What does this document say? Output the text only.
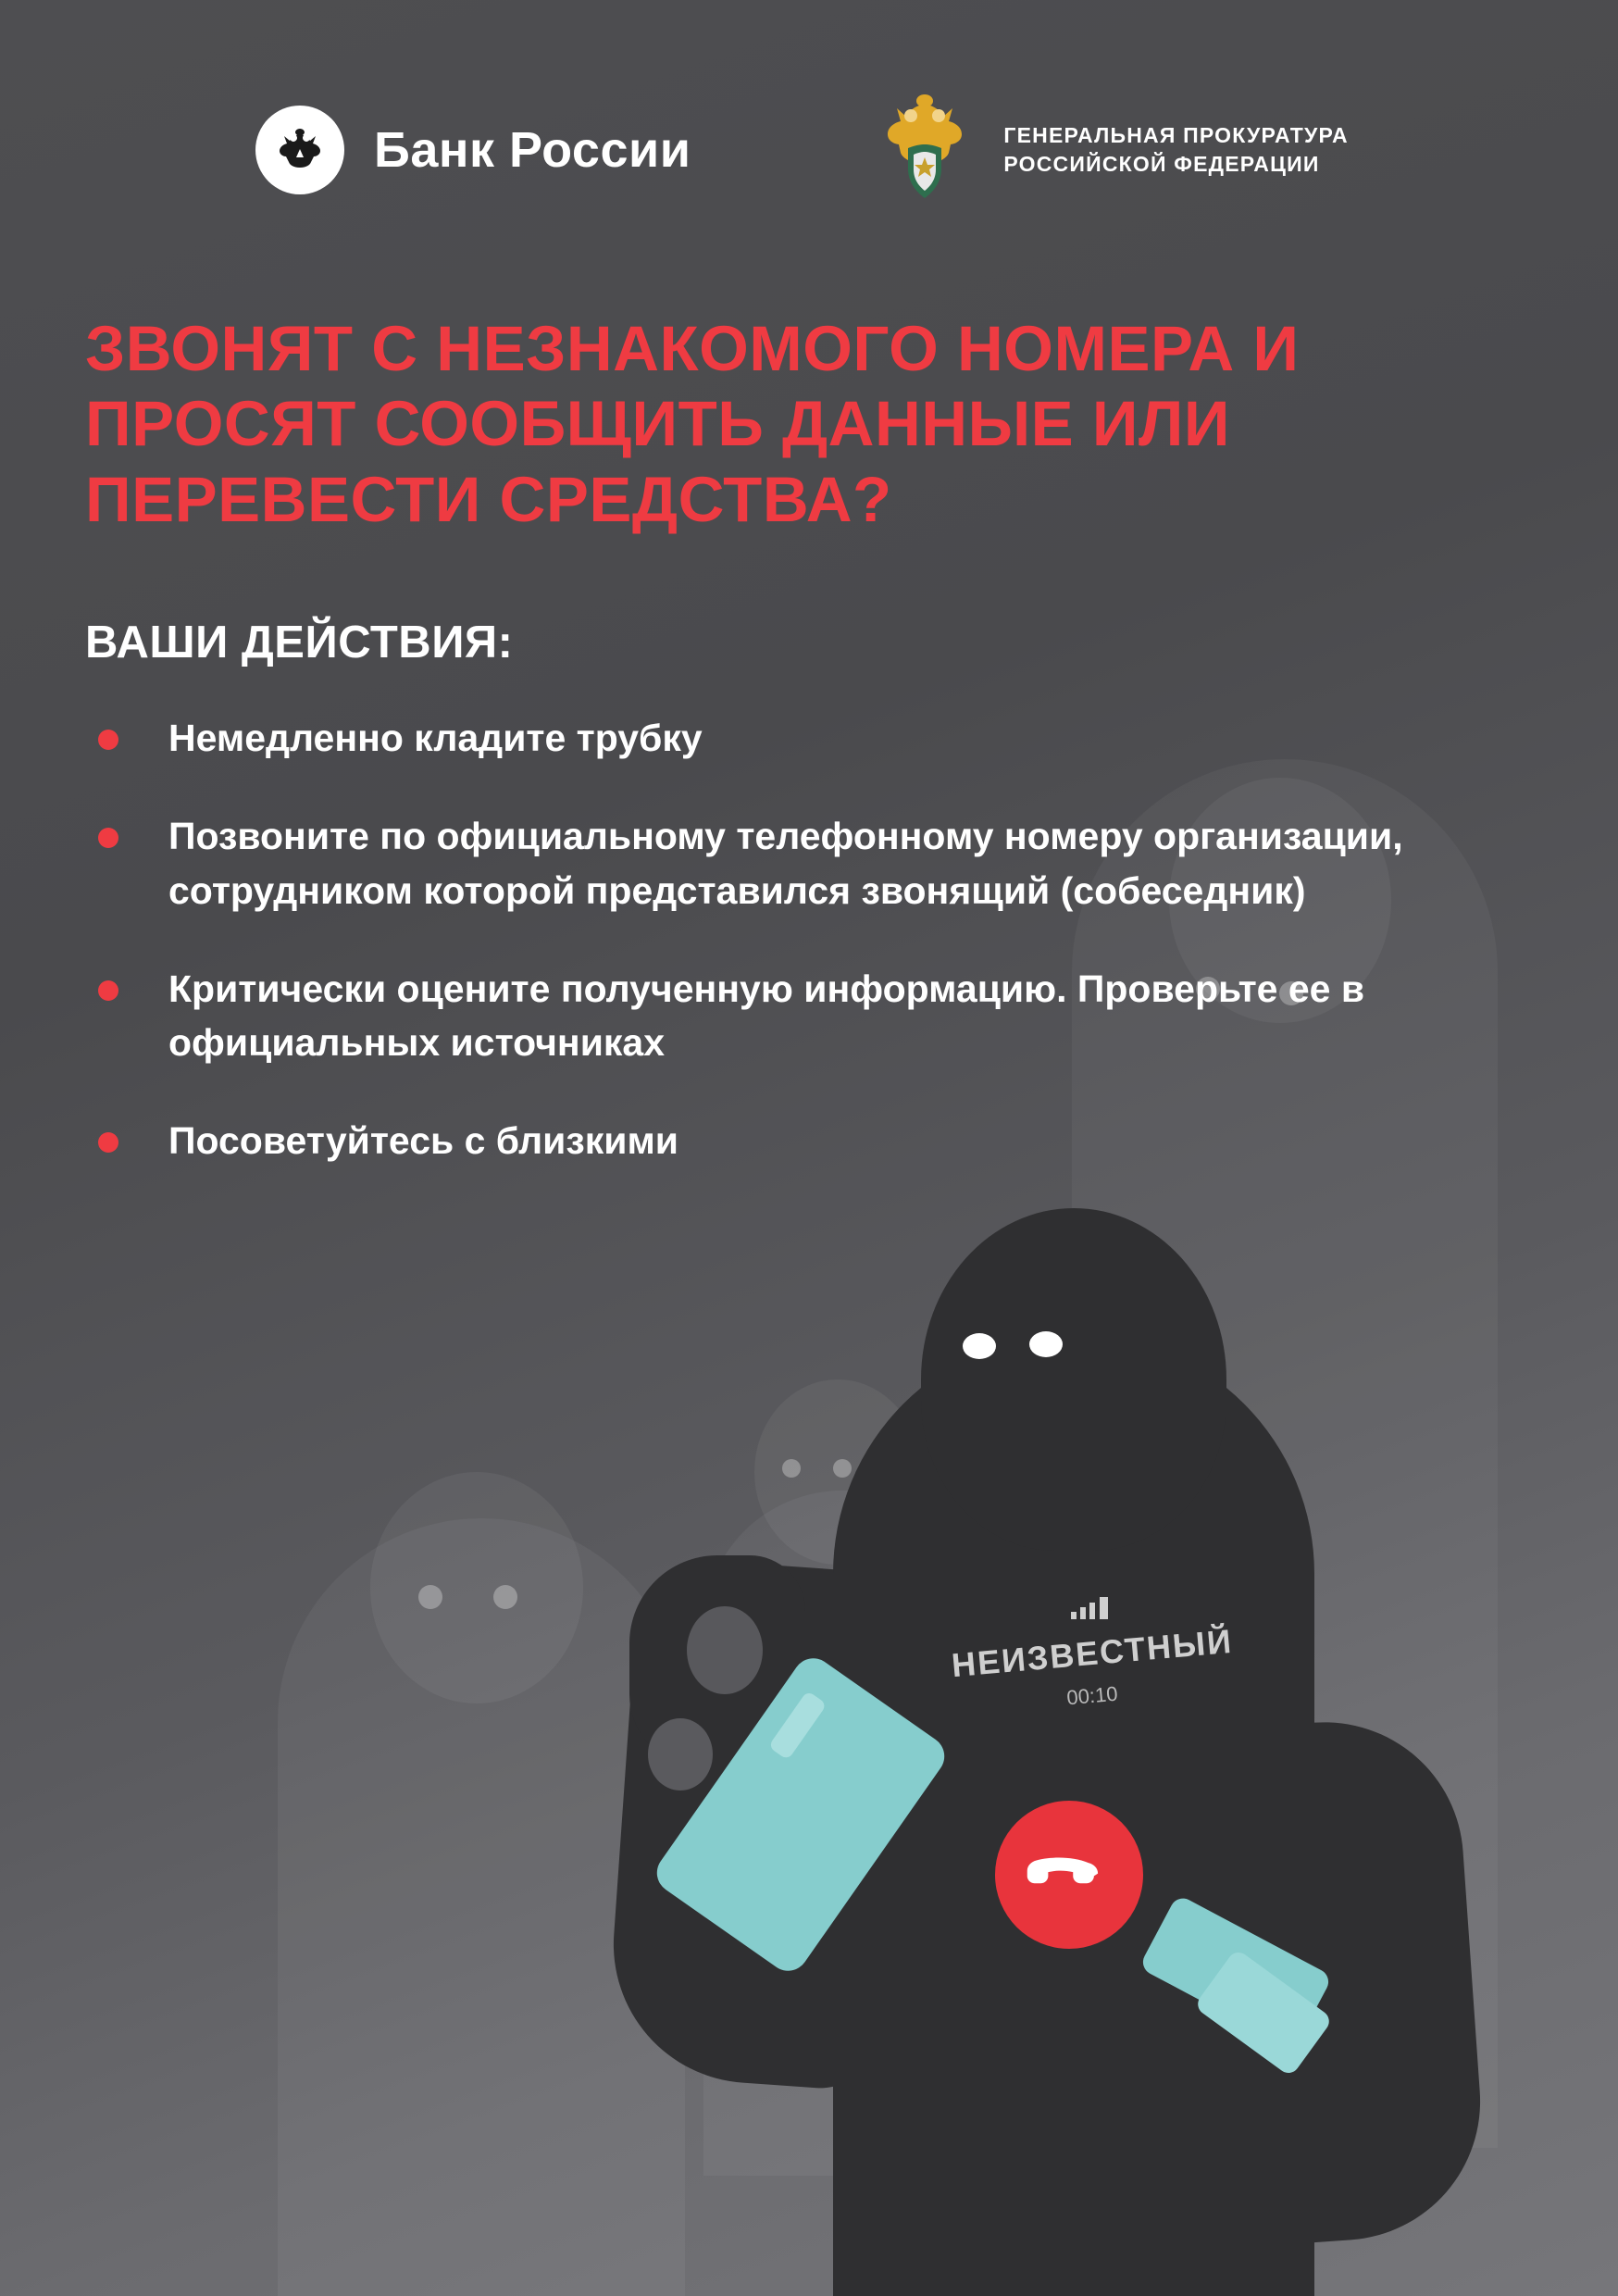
НЕИЗВЕСТНЫЙ
00:10
Банк России	ГЕНЕРАЛЬНАЯ ПРОКУРАТУРА
РОССИЙСКОЙ ФЕДЕРАЦИИ
ЗВОНЯТ С НЕЗНАКОМОГО НОМЕРА И ПРОСЯТ СООБЩИТЬ ДАННЫЕ ИЛИ ПЕРЕВЕСТИ СРЕДСТВА?
ВАШИ ДЕЙСТВИЯ:
Немедленно кладите трубку
Позвоните по официальному телефонному номеру организации, сотрудником которой представился звонящий (собеседник)
Критически оцените полученную информацию. Проверьте ее в официальных источниках
Посоветуйтесь с близкими
